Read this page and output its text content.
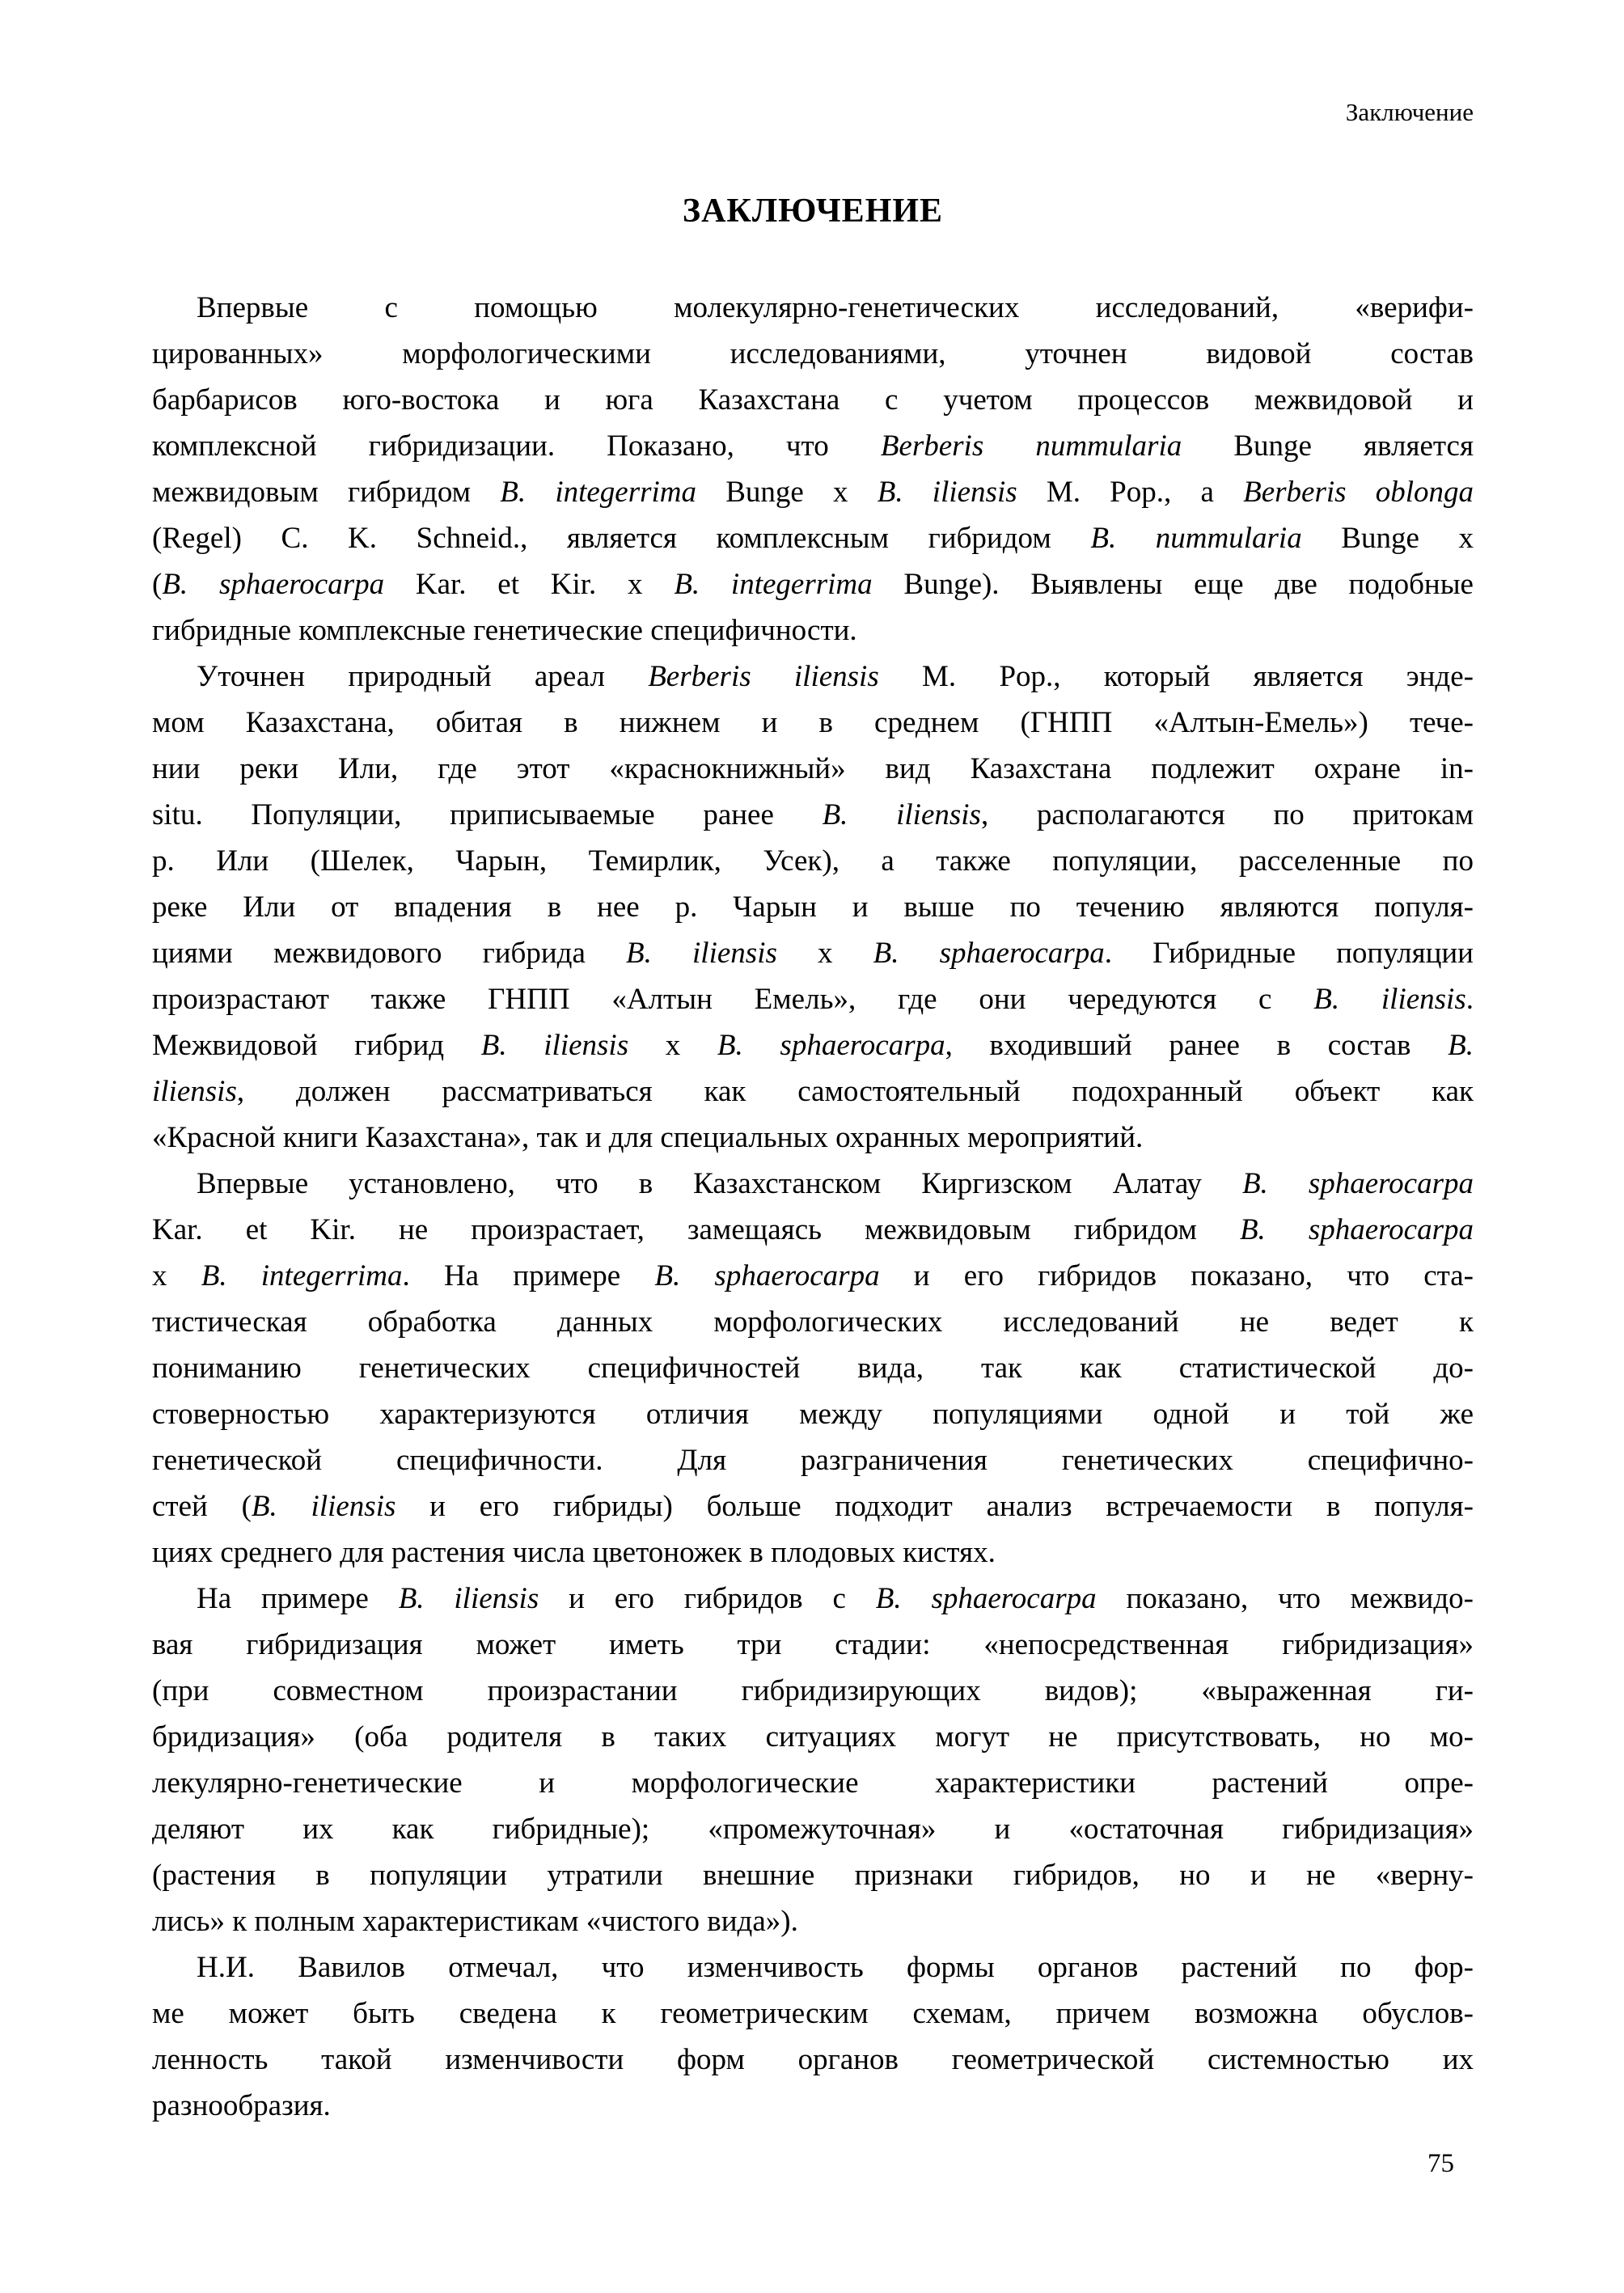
Заключение
ЗАКЛЮЧЕНИЕ
Впервые с помощью молекулярно-генетических исследований, «верифи-
цированных» морфологическими исследованиями, уточнен видовой состав
барбарисов юго-востока и юга Казахстана с учетом процессов межвидовой и
комплексной гибридизации. Показано, что Berberis nummularia Bunge является
межвидовым гибридом B. integerrima Bunge x B. iliensis M. Pop., а Berberis oblonga
(Regel) C. K. Schneid., является комплексным гибридом B. nummularia Bunge x
(B. sphaerocarpa Kar. et Kir. x B. integerrima Bunge). Выявлены еще две подобные
гибридные комплексные генетические специфичности.
Уточнен природный ареал Berberis iliensis M. Pop., который является энде-
мом Казахстана, обитая в нижнем и в среднем (ГНПП «Алтын-Емель») тече-
нии реки Или, где этот «краснокнижный» вид Казахстана подлежит охране in-
situ. Популяции, приписываемые ранее B. iliensis, располагаются по притокам
р. Или (Шелек, Чарын, Темирлик, Усек), а также популяции, расселенные по
реке Или от впадения в нее р. Чарын и выше по течению являются популя-
циями межвидового гибрида B. iliensis x B. sphaerocarpa. Гибридные популяции
произрастают также ГНПП «Алтын Емель», где они чередуются с B. iliensis.
Межвидовой гибрид B. iliensis x B. sphaerocarpa, входивший ранее в состав B.
iliensis, должен рассматриваться как самостоятельный подохранный объект как
«Красной книги Казахстана», так и для специальных охранных мероприятий.
Впервые установлено, что в Казахстанском Киргизском Алатау B. sphaerocarpa
Kar. et Kir. не произрастает, замещаясь межвидовым гибридом B. sphaerocarpa
x B. integerrima. На примере B. sphaerocarpa и его гибридов показано, что ста-
тистическая обработка данных морфологических исследований не ведет к
пониманию генетических специфичностей вида, так как статистической до-
стоверностью характеризуются отличия между популяциями одной и той же
генетической специфичности. Для разграничения генетических специфично-
стей (B. iliensis и его гибриды) больше подходит анализ встречаемости в популя-
циях среднего для растения числа цветоножек в плодовых кистях.
На примере B. iliensis и его гибридов с B. sphaerocarpa показано, что межвидо-
вая гибридизация может иметь три стадии: «непосредственная гибридизация»
(при совместном произрастании гибридизирующих видов); «выраженная ги-
бридизация» (оба родителя в таких ситуациях могут не присутствовать, но мо-
лекулярно-генетические и морфологические характеристики растений опре-
деляют их как гибридные); «промежуточная» и «остаточная гибридизация»
(растения в популяции утратили внешние признаки гибридов, но и не «верну-
лись» к полным характеристикам «чистого вида»).
Н.И. Вавилов отмечал, что изменчивость формы органов растений по фор-
ме может быть сведена к геометрическим схемам, причем возможна обуслов-
ленность такой изменчивости форм органов геометрической системностью их
разнообразия.
75
